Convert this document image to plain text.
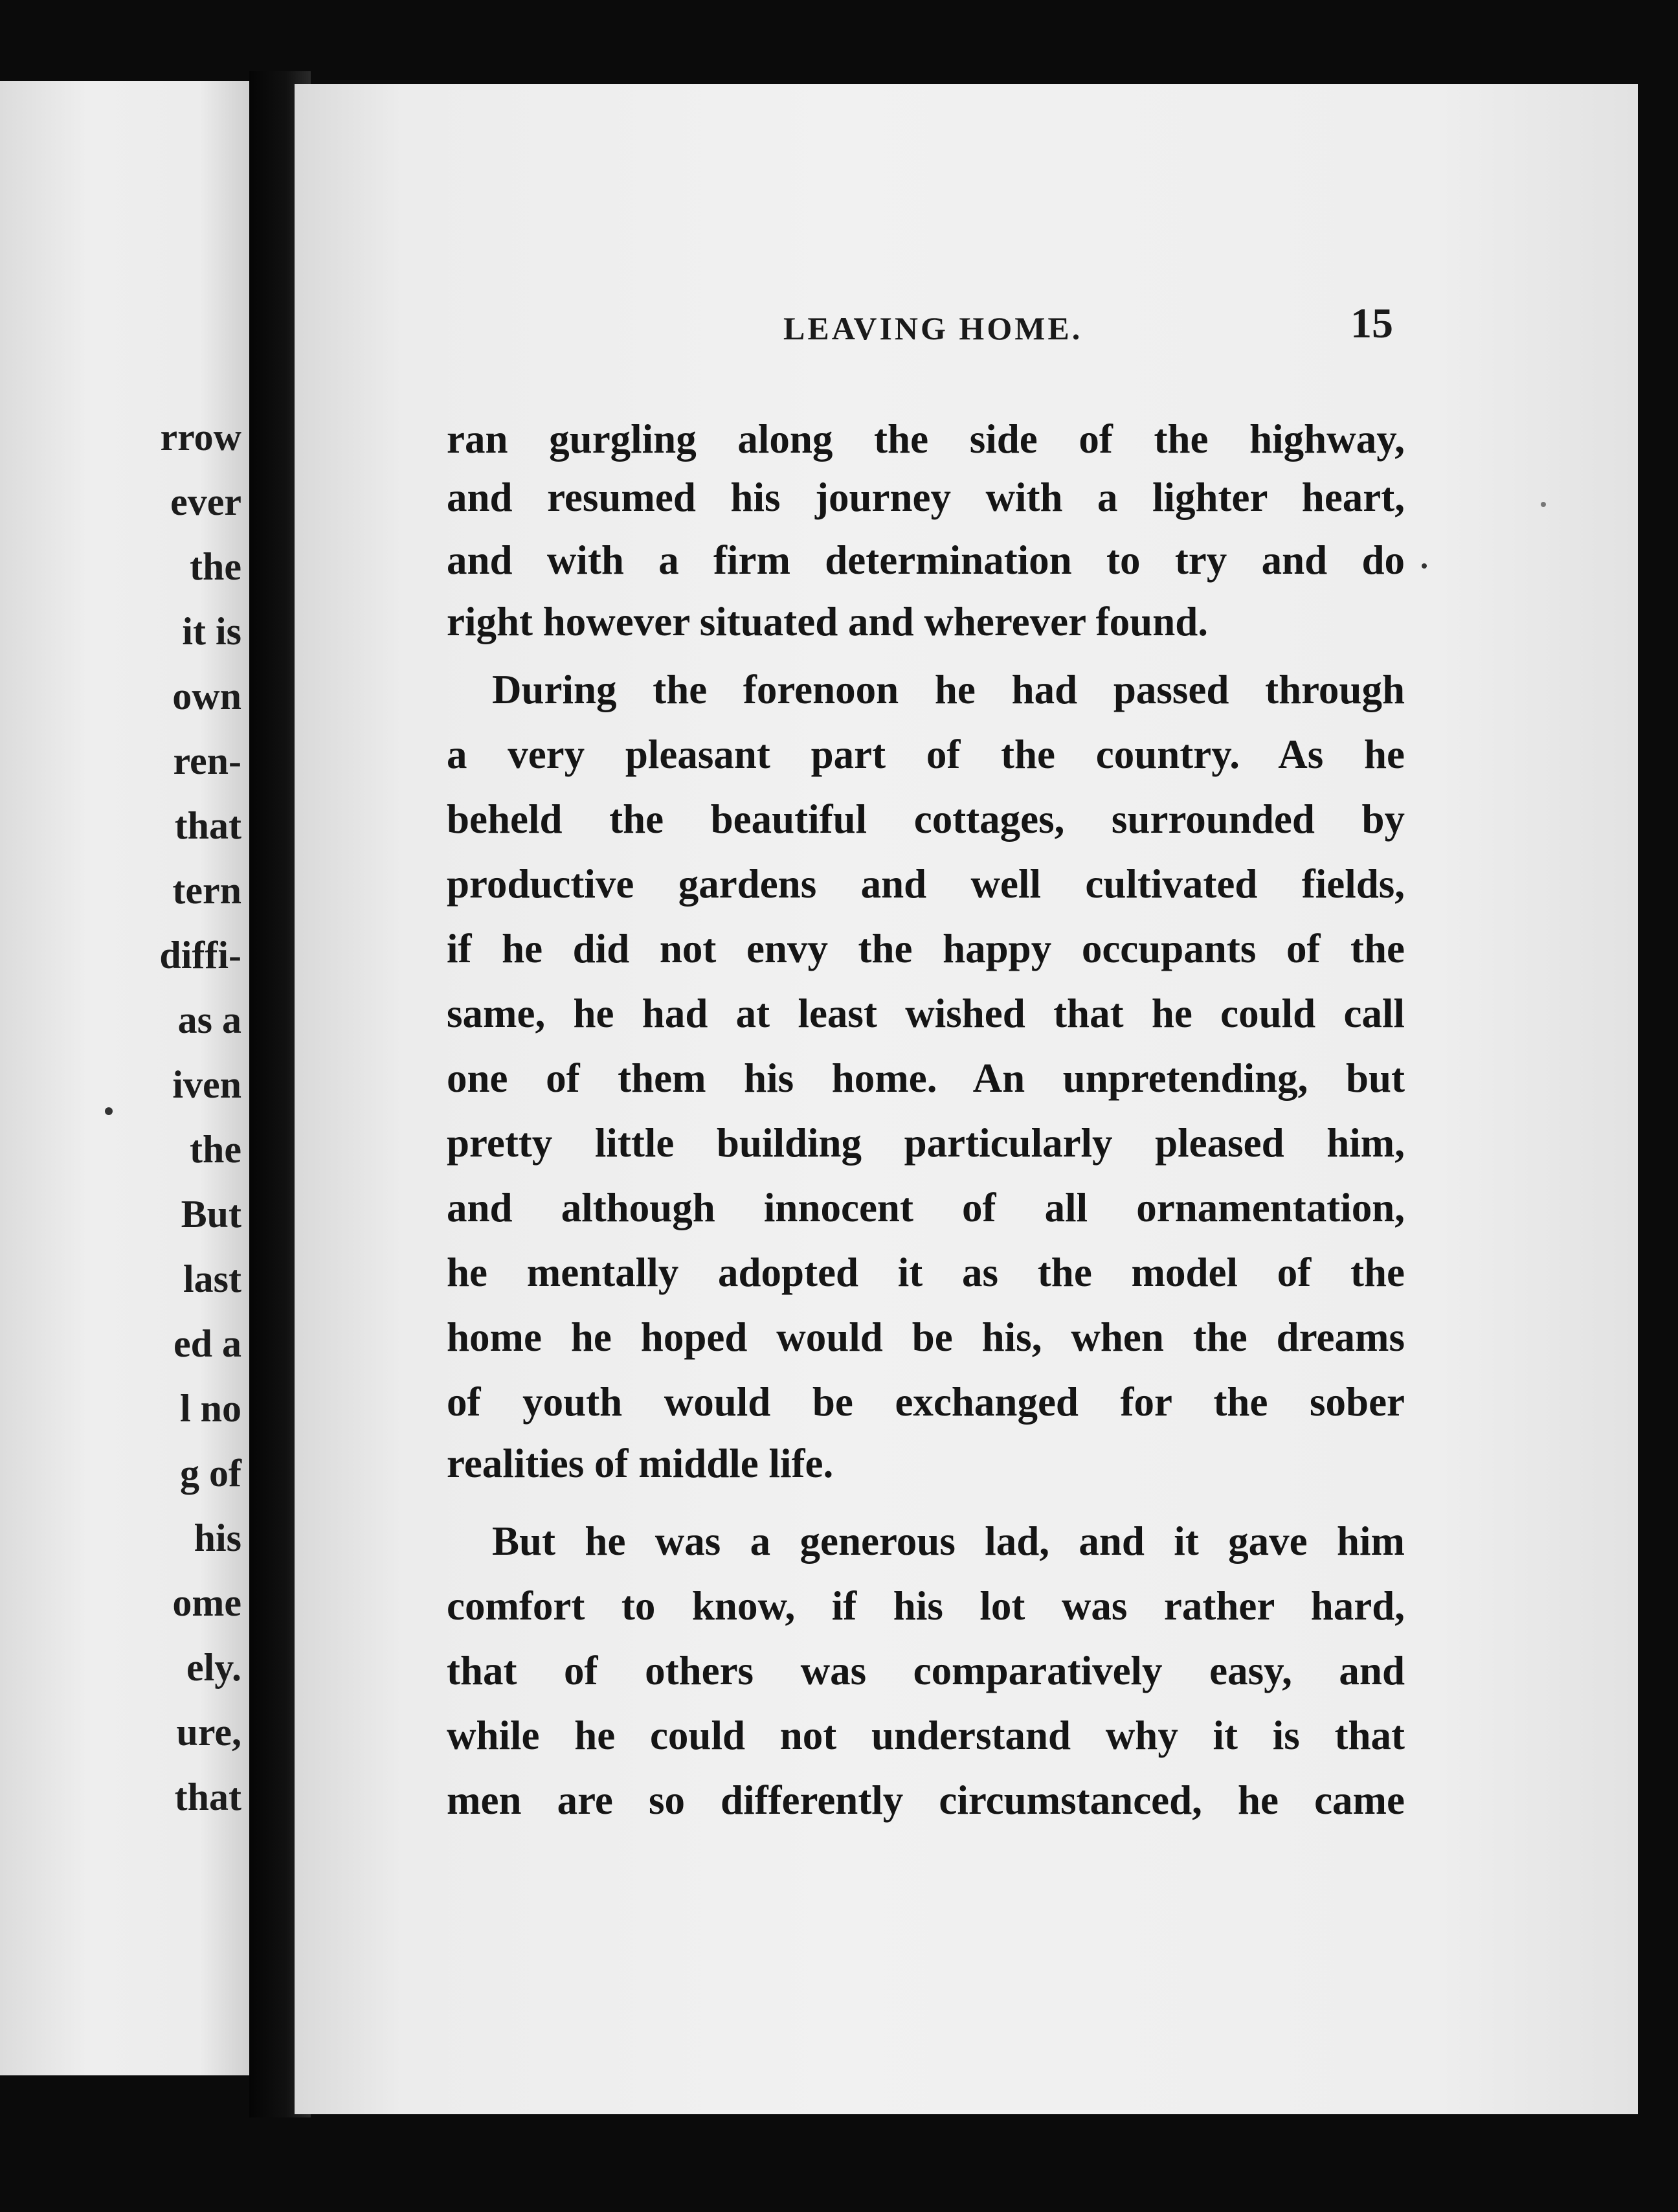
rrow
ever
the
it is
own
ren-
that
tern
diffi-
as a
iven
the
But
last
ed a
l no
g of
his
ome
ely.
ure,
that
LEAVING HOME.	15
ran gurgling along the side of the highway,
and resumed his journey with a lighter heart,
and with a firm determination to try and do
right however situated and wherever found.
During the forenoon he had passed through
a very pleasant part of the country. As he
beheld the beautiful cottages, surrounded by
productive gardens and well cultivated fields,
if he did not envy the happy occupants of the
same, he had at least wished that he could call
one of them his home. An unpretending, but
pretty little building particularly pleased him,
and although innocent of all ornamentation,
he mentally adopted it as the model of the
home he hoped would be his, when the dreams
of youth would be exchanged for the sober
realities of middle life.
But he was a generous lad, and it gave him
comfort to know, if his lot was rather hard,
that of others was comparatively easy, and
while he could not understand why it is that
men are so differently circumstanced, he came
